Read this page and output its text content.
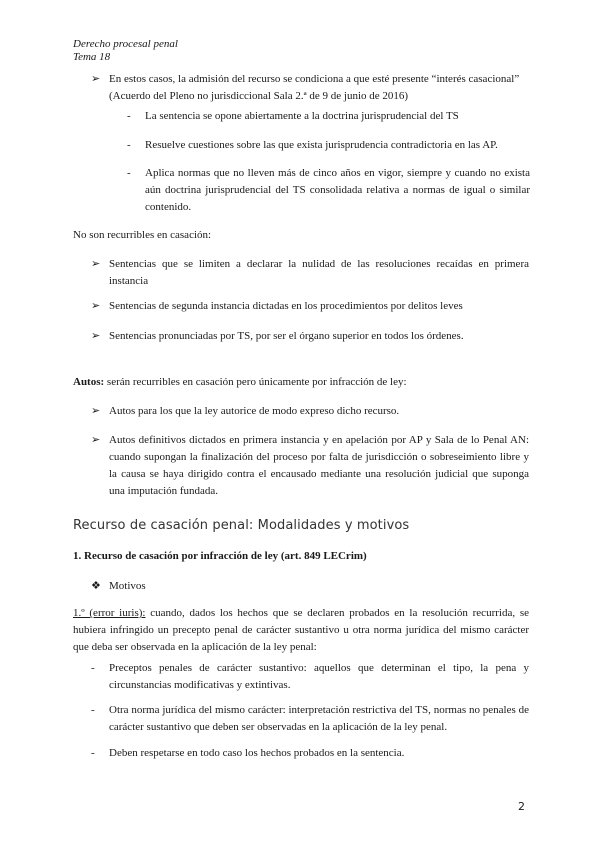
Derecho procesal penal
Tema 18
➢ En estos casos, la admisión del recurso se condiciona a que esté presente “interés casacional” (Acuerdo del Pleno no jurisdiccional Sala 2.ª de 9 de junio de 2016)
- La sentencia se opone abiertamente a la doctrina jurisprudencial del TS
- Resuelve cuestiones sobre las que exista jurisprudencia contradictoria en las AP.
- Aplica normas que no lleven más de cinco años en vigor, siempre y cuando no exista aún doctrina jurisprudencial del TS consolidada relativa a normas de igual o similar contenido.
No son recurribles en casación:
➢ Sentencias que se limiten a declarar la nulidad de las resoluciones recaídas en primera instancia
➢ Sentencias de segunda instancia dictadas en los procedimientos por delitos leves
➢ Sentencias pronunciadas por TS, por ser el órgano superior en todos los órdenes.
Autos: serán recurribles en casación pero únicamente por infracción de ley:
➢ Autos para los que la ley autorice de modo expreso dicho recurso.
➢ Autos definitivos dictados en primera instancia y en apelación por AP y Sala de lo Penal AN: cuando supongan la finalización del proceso por falta de jurisdicción o sobreseimiento libre y la causa se haya dirigido contra el encausado mediante una resolución judicial que suponga una imputación fundada.
Recurso de casación penal: Modalidades y motivos
1. Recurso de casación por infracción de ley (art. 849 LECrim)
❖ Motivos
1.º (error iuris): cuando, dados los hechos que se declaren probados en la resolución recurrida, se hubiera infringido un precepto penal de carácter sustantivo u otra norma jurídica del mismo carácter que deba ser observada en la aplicación de la ley penal:
- Preceptos penales de carácter sustantivo: aquellos que determinan el tipo, la pena y circunstancias modificativas y extintivas.
- Otra norma jurídica del mismo carácter: interpretación restrictiva del TS, normas no penales de carácter sustantivo que deben ser observadas en la aplicación de la ley penal.
- Deben respetarse en todo caso los hechos probados en la sentencia.
2
